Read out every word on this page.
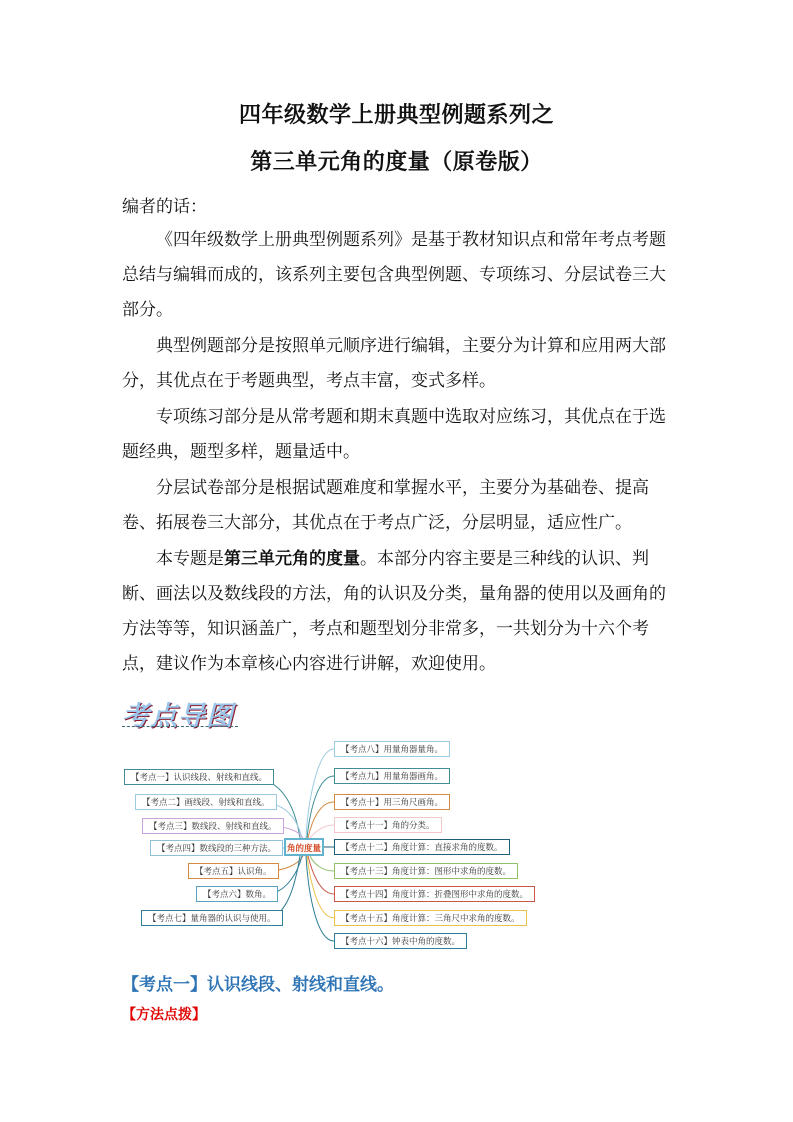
四年级数学上册典型例题系列之
第三单元角的度量（原卷版）
编者的话：
《四年级数学上册典型例题系列》是基于教材知识点和常年考点考题总结与编辑而成的，该系列主要包含典型例题、专项练习、分层试卷三大部分。
典型例题部分是按照单元顺序进行编辑，主要分为计算和应用两大部分，其优点在于考题典型，考点丰富，变式多样。
专项练习部分是从常考题和期末真题中选取对应练习，其优点在于选题经典，题型多样，题量适中。
分层试卷部分是根据试题难度和掌握水平，主要分为基础卷、提高卷、拓展卷三大部分，其优点在于考点广泛，分层明显，适应性广。
本专题是第三单元角的度量。本部分内容主要是三种线的认识、判断、画法以及数线段的方法，角的认识及分类，量角器的使用以及画角的方法等等，知识涵盖广，考点和题型划分非常多，一共划分为十六个考点，建议作为本章核心内容进行讲解，欢迎使用。
考点导图
【考点一】认识线段、射线和直线。
【考点二】画线段、射线和直线。
【考点三】数线段、射线和直线。
【考点四】数线段的三种方法。
【考点五】认识角。
【考点六】数角。
【考点七】量角器的认识与使用。
角的度量
【考点八】用量角器量角。
【考点九】用量角器画角。
【考点十】用三角尺画角。
【考点十一】角的分类。
【考点十二】角度计算：直接求角的度数。
【考点十三】角度计算：图形中求角的度数。
【考点十四】角度计算：折叠图形中求角的度数。
【考点十五】角度计算：三角尺中求角的度数。
【考点十六】钟表中角的度数。
【考点一】认识线段、射线和直线。
【方法点拨】
